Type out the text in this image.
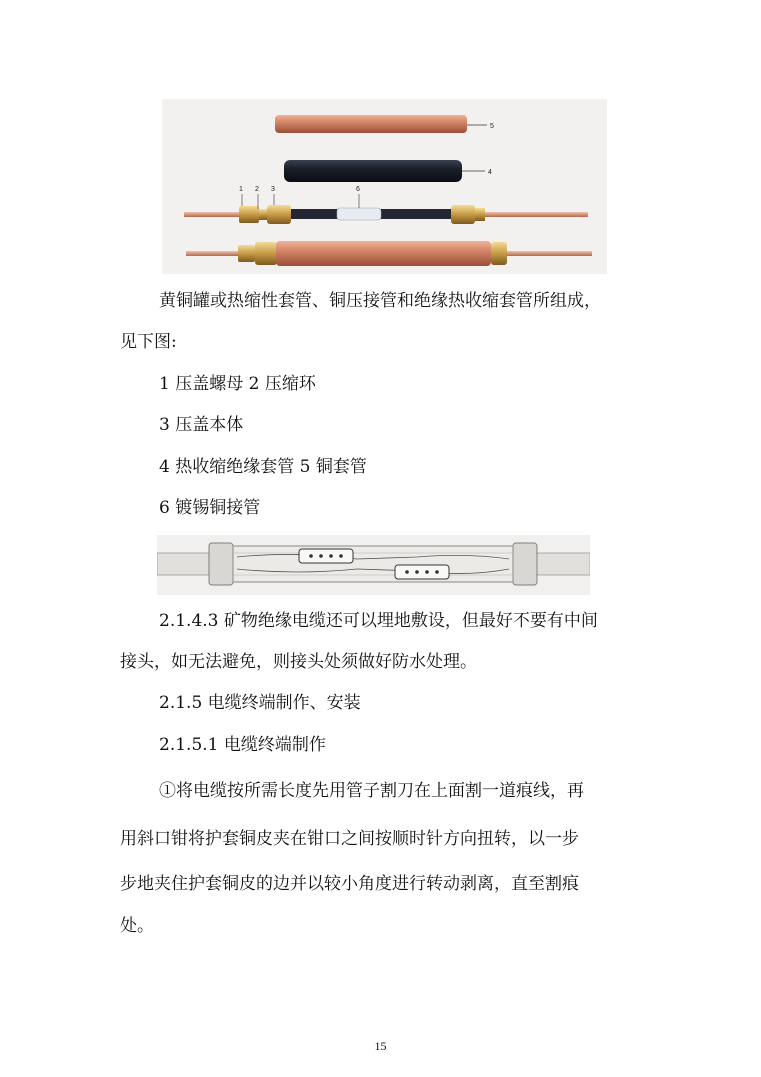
5
4
1 2 3	6
黄铜罐或热缩性套管、铜压接管和绝缘热收缩套管所组成，
见下图:
1 压盖螺母 2 压缩环
3 压盖本体
4 热收缩绝缘套管 5 铜套管
6 镀锡铜接管
2.1.4.3 矿物绝缘电缆还可以埋地敷设，但最好不要有中间
接头，如无法避免，则接头处须做好防水处理。
2.1.5 电缆终端制作、安装
2.1.5.1 电缆终端制作
①将电缆按所需长度先用管子割刀在上面割一道痕线，再
用斜口钳将护套铜皮夹在钳口之间按顺时针方向扭转，以一步
步地夹住护套铜皮的边并以较小角度进行转动剥离，直至割痕
处。
15
